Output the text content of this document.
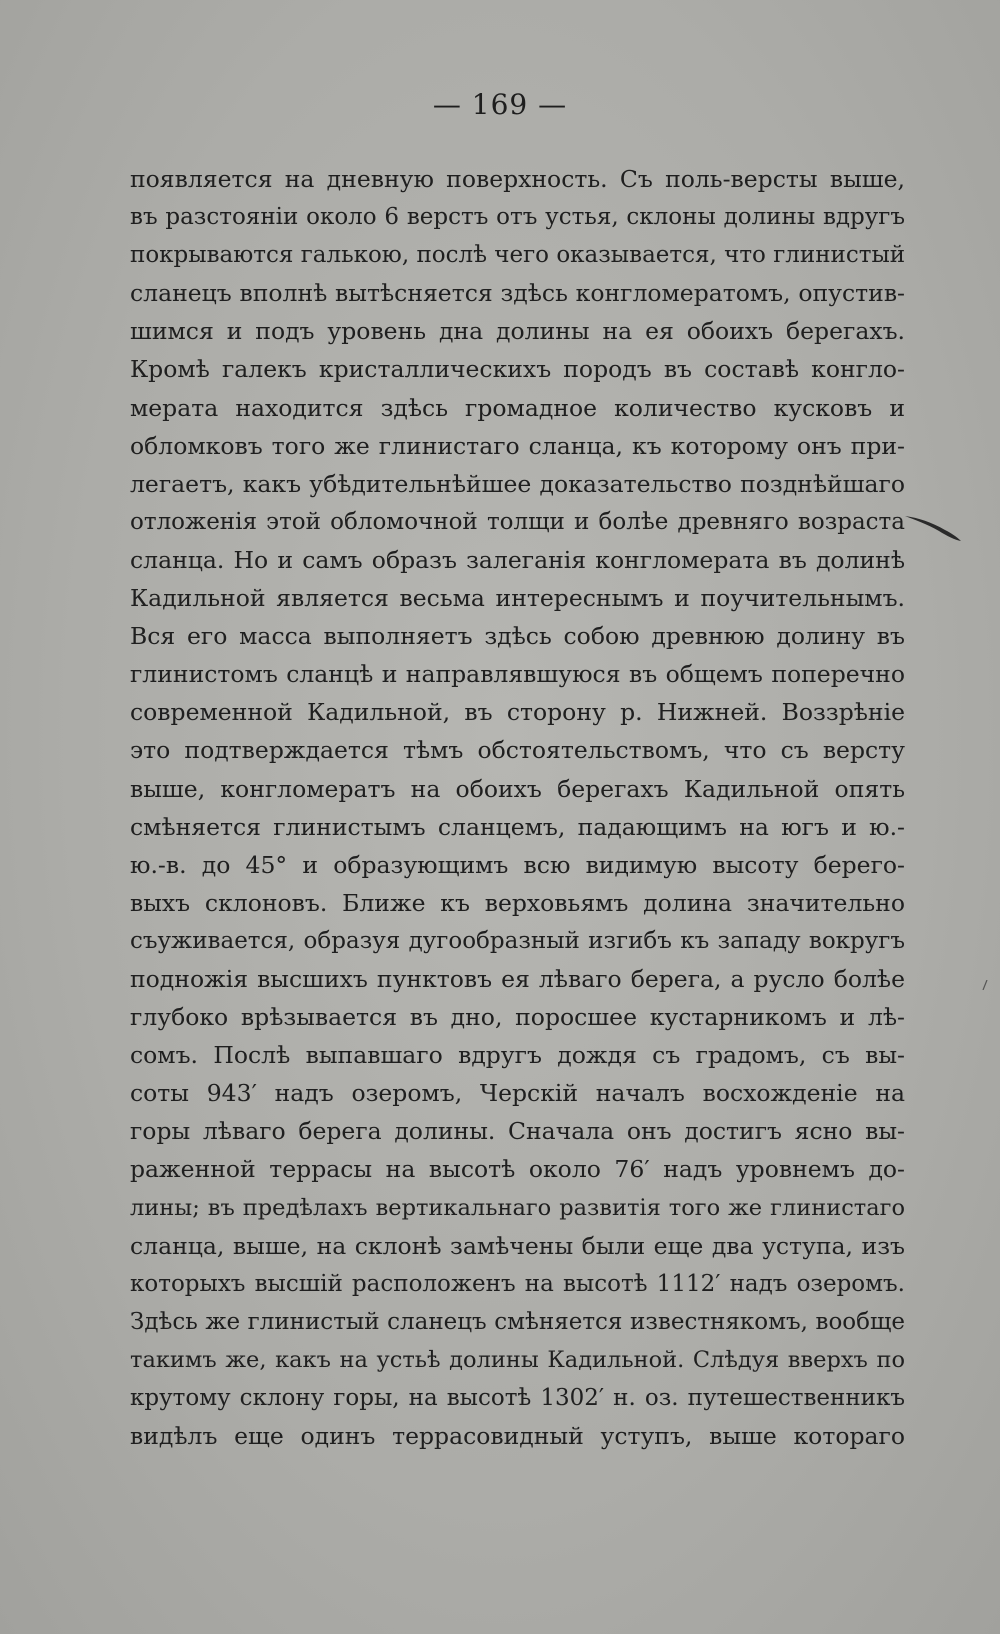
— 169 —
появляется на дневную поверхность. Съ поль-версты выше,
въ разстояніи около 6 верстъ отъ устья, склоны долины вдругъ
покрываются галькою, послѣ чего оказывается, что глинистый
сланецъ вполнѣ вытѣсняется здѣсь конгломератомъ, опустив-
шимся и подъ уровень дна долины на ея обоихъ берегахъ.
Кромѣ галекъ кристаллическихъ породъ въ составѣ конгло-
мерата находится здѣсь громадное количество кусковъ и
обломковъ того же глинистаго сланца, къ которому онъ при-
легаетъ, какъ убѣдительнѣйшее доказательство позднѣйшаго
отложенія этой обломочной толщи и болѣе древняго возраста
сланца. Но и самъ образъ залеганія конгломерата въ долинѣ
Кадильной является весьма интереснымъ и поучительнымъ.
Вся его масса выполняетъ здѣсь собою древнюю долину въ
глинистомъ сланцѣ и направлявшуюся въ общемъ поперечно
современной Кадильной, въ сторону р. Нижней. Воззрѣніе
это подтверждается тѣмъ обстоятельствомъ, что съ версту
выше, конгломератъ на обоихъ берегахъ Кадильной опять
смѣняется глинистымъ сланцемъ, падающимъ на югъ и ю.-
ю.-в. до 45° и образующимъ всю видимую высоту берего-
выхъ склоновъ. Ближе къ верховьямъ долина значительно
съуживается, образуя дугообразный изгибъ къ западу вокругъ
подножія высшихъ пунктовъ ея лѣваго берега, а русло болѣе
глубоко врѣзывается въ дно, поросшее кустарникомъ и лѣ-
сомъ. Послѣ выпавшаго вдругъ дождя съ градомъ, съ вы-
соты 943′ надъ озеромъ, Черскій началъ восхожденіе на
горы лѣваго берега долины. Сначала онъ достигъ ясно вы-
раженной террасы на высотѣ около 76′ надъ уровнемъ до-
лины; въ предѣлахъ вертикальнаго развитія того же глинистаго
сланца, выше, на склонѣ замѣчены были еще два уступа, изъ
которыхъ высшій расположенъ на высотѣ 1112′ надъ озеромъ.
Здѣсь же глинистый сланецъ смѣняется известнякомъ, вообще
такимъ же, какъ на устьѣ долины Кадильной. Слѣдуя вверхъ по
крутому склону горы, на высотѣ 1302′ н. оз. путешественникъ
видѣлъ еще одинъ террасовидный уступъ, выше котораго
